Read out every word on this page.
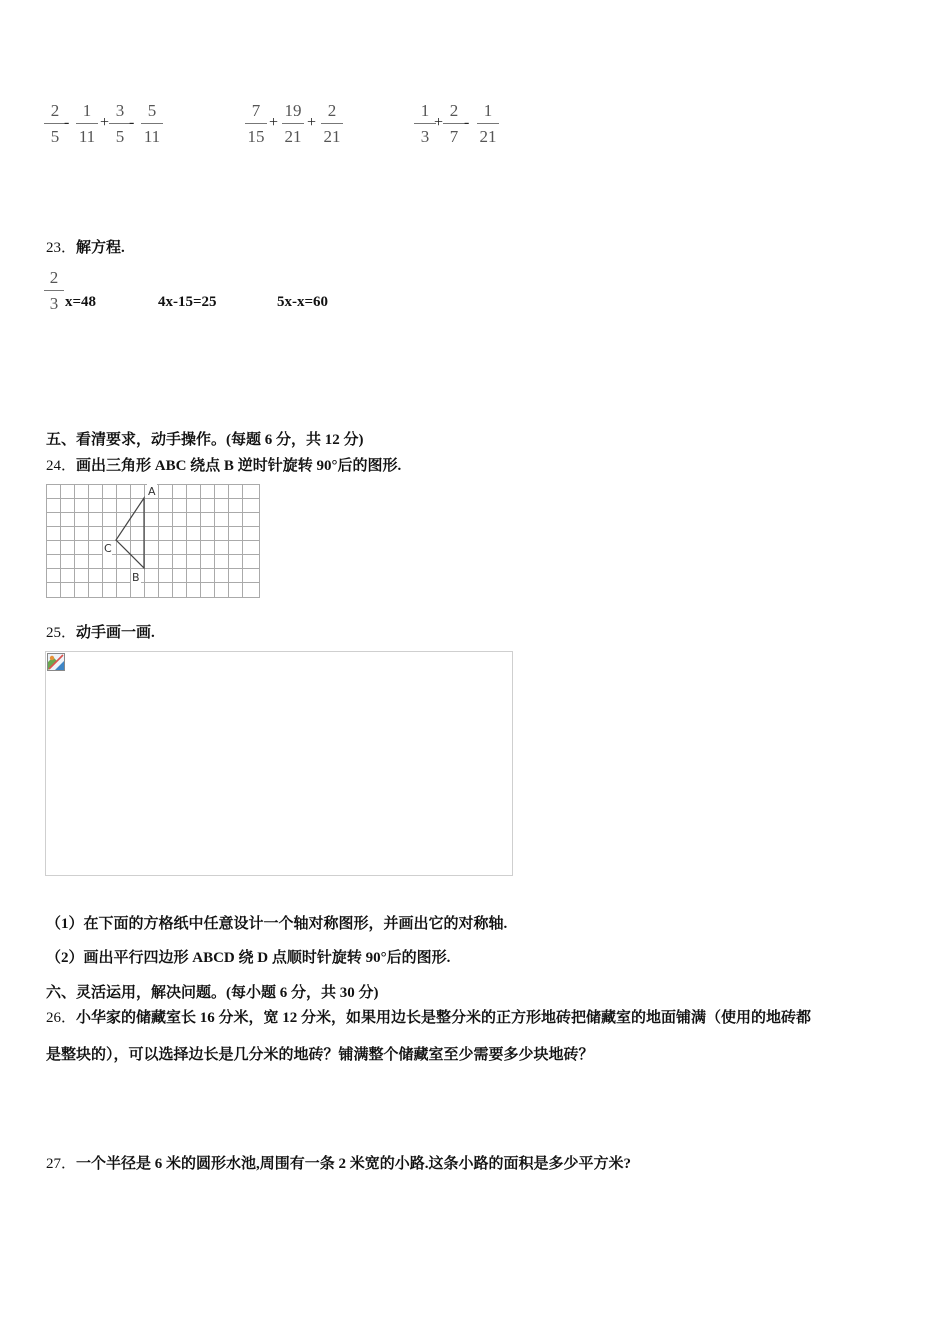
2
5
-
1
11
+
3
5
-
5
11
7
15
+
19
21
+
2
21
1
3
+
2
7
-
1
21
23．解方程.
2
3 x=48	4x-15=25	5x-x=60
五、看清要求，动手操作。(每题 6 分，共 12 分)
24．画出三角形 ABC 绕点 B 逆时针旋转 90°后的图形.
A
C
B
25．动手画一画.
（1）在下面的方格纸中任意设计一个轴对称图形，并画出它的对称轴.
（2）画出平行四边形 ABCD 绕 D 点顺时针旋转 90°后的图形.
六、灵活运用，解决问题。(每小题 6 分，共 30 分)
26．小华家的储藏室长 16 分米，宽 12 分米，如果用边长是整分米的正方形地砖把储藏室的地面铺满（使用的地砖都
是整块的），可以选择边长是几分米的地砖？铺满整个储藏室至少需要多少块地砖？
27．一个半径是 6 米的圆形水池,周围有一条 2 米宽的小路.这条小路的面积是多少平方米?
